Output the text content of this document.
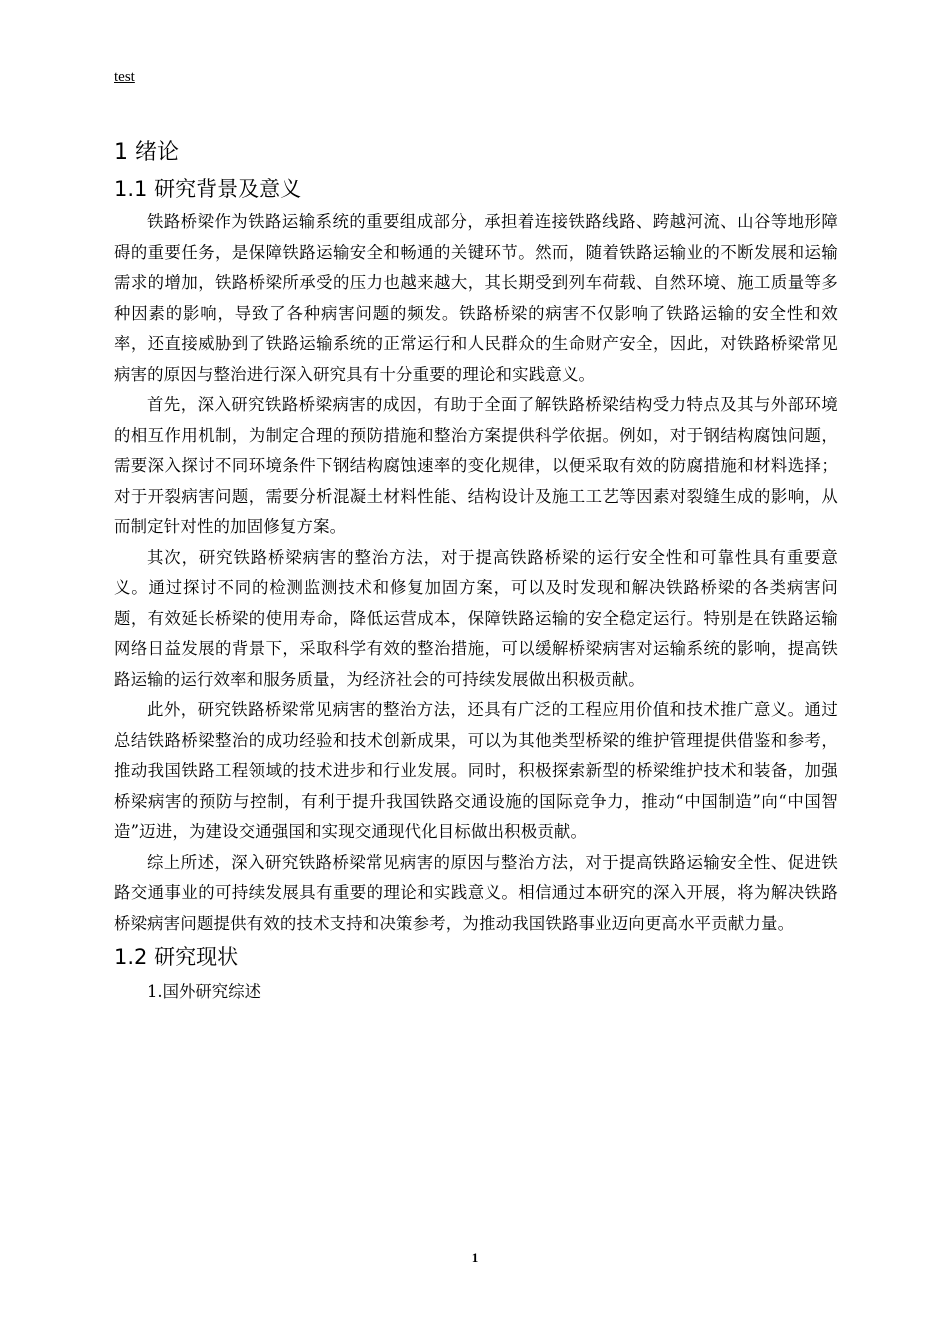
test
1 绪论
1.1 研究背景及意义

铁路桥梁作为铁路运输系统的重要组成部分，承担着连接铁路线路、跨越河流、山谷等地形障碍的重要任务，是保障铁路运输安全和畅通的关键环节。然而，随着铁路运输业的不断发展和运输需求的增加，铁路桥梁所承受的压力也越来越大，其长期受到列车荷载、自然环境、施工质量等多种因素的影响，导致了各种病害问题的频发。铁路桥梁的病害不仅影响了铁路运输的安全性和效率，还直接威胁到了铁路运输系统的正常运行和人民群众的生命财产安全，因此，对铁路桥梁常见病害的原因与整治进行深入研究具有十分重要的理论和实践意义。

首先，深入研究铁路桥梁病害的成因，有助于全面了解铁路桥梁结构受力特点及其与外部环境的相互作用机制，为制定合理的预防措施和整治方案提供科学依据。例如，对于钢结构腐蚀问题，需要深入探讨不同环境条件下钢结构腐蚀速率的变化规律，以便采取有效的防腐措施和材料选择；对于开裂病害问题，需要分析混凝土材料性能、结构设计及施工工艺等因素对裂缝生成的影响，从而制定针对性的加固修复方案。

其次，研究铁路桥梁病害的整治方法，对于提高铁路桥梁的运行安全性和可靠性具有重要意义。通过探讨不同的检测监测技术和修复加固方案，可以及时发现和解决铁路桥梁的各类病害问题，有效延长桥梁的使用寿命，降低运营成本，保障铁路运输的安全稳定运行。特别是在铁路运输网络日益发展的背景下，采取科学有效的整治措施，可以缓解桥梁病害对运输系统的影响，提高铁路运输的运行效率和服务质量，为经济社会的可持续发展做出积极贡献。

此外，研究铁路桥梁常见病害的整治方法，还具有广泛的工程应用价值和技术推广意义。通过总结铁路桥梁整治的成功经验和技术创新成果，可以为其他类型桥梁的维护管理提供借鉴和参考，推动我国铁路工程领域的技术进步和行业发展。同时，积极探索新型的桥梁维护技术和装备，加强桥梁病害的预防与控制，有利于提升我国铁路交通设施的国际竞争力，推动“中国制造”向“中国智造”迈进，为建设交通强国和实现交通现代化目标做出积极贡献。

综上所述，深入研究铁路桥梁常见病害的原因与整治方法，对于提高铁路运输安全性、促进铁路交通事业的可持续发展具有重要的理论和实践意义。相信通过本研究的深入开展，将为解决铁路桥梁病害问题提供有效的技术支持和决策参考，为推动我国铁路事业迈向更高水平贡献力量。

1.2 研究现状

1.国外研究综述

1
